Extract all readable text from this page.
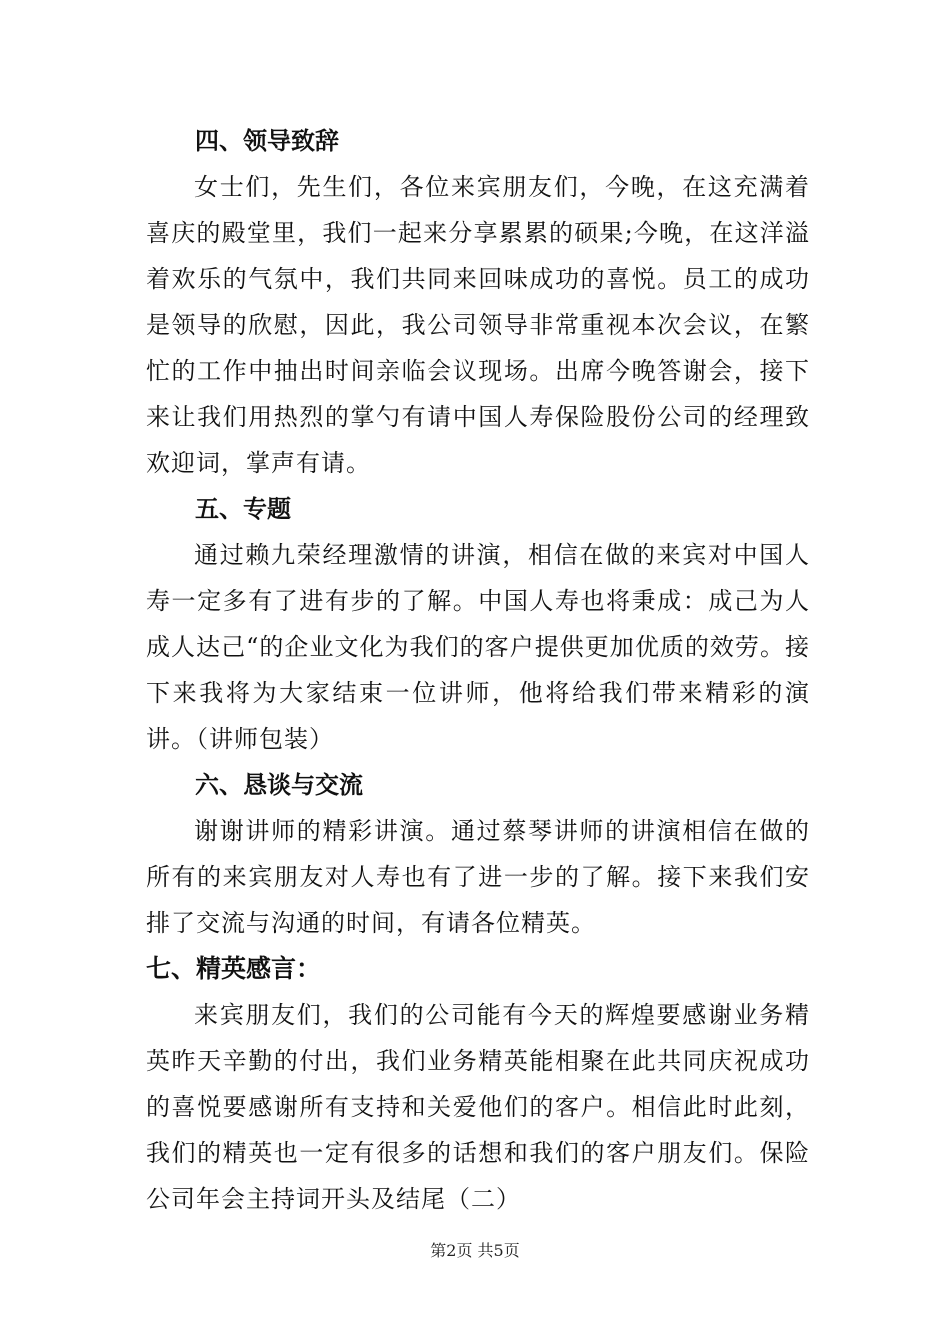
四、领导致辞

女士们，先生们，各位来宾朋友们，今晚，在这充满着喜庆的殿堂里，我们一起来分享累累的硕果;今晚，在这洋溢着欢乐的气氛中，我们共同来回味成功的喜悦。员工的成功是领导的欣慰，因此，我公司领导非常重视本次会议，在繁忙的工作中抽出时间亲临会议现场。出席今晚答谢会，接下来让我们用热烈的掌勺有请中国人寿保险股份公司的经理致欢迎词，掌声有请。

五、专题

通过赖九荣经理激情的讲演，相信在做的来宾对中国人寿一定多有了进有步的了解。中国人寿也将秉成：成己为人成人达己“的企业文化为我们的客户提供更加优质的效劳。接下来我将为大家结束一位讲师，他将给我们带来精彩的演讲。（讲师包装）

六、恳谈与交流

谢谢讲师的精彩讲演。通过蔡琴讲师的讲演相信在做的所有的来宾朋友对人寿也有了进一步的了解。接下来我们安排了交流与沟通的时间，有请各位精英。

七、精英感言：

来宾朋友们，我们的公司能有今天的辉煌要感谢业务精英昨天辛勤的付出，我们业务精英能相聚在此共同庆祝成功的喜悦要感谢所有支持和关爱他们的客户。相信此时此刻，我们的精英也一定有很多的话想和我们的客户朋友们。保险公司年会主持词开头及结尾（二）

第2页 共5页
